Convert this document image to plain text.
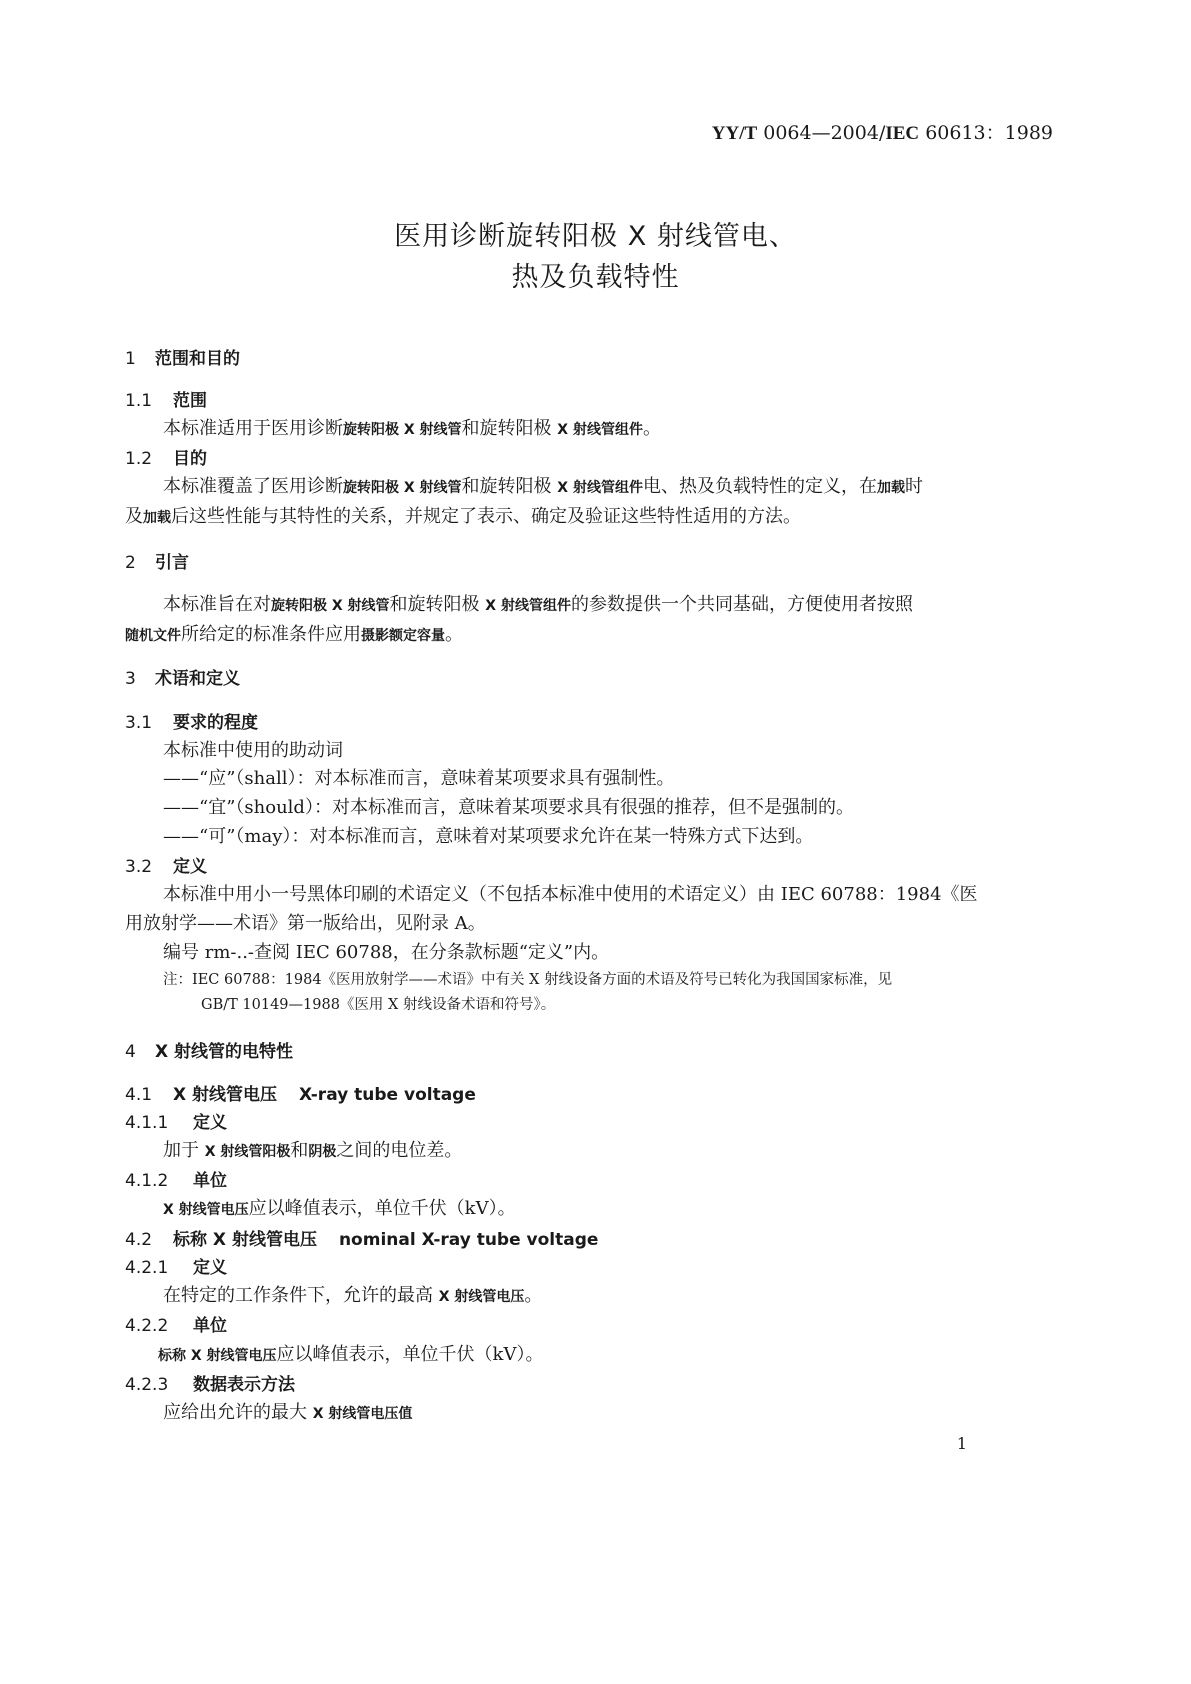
YY/T 0064—2004/IEC 60613：1989
医用诊断旋转阳极 X 射线管电、
热及负载特性
1 范围和目的
1.1 范围
本标准适用于医用诊断旋转阳极 X 射线管和旋转阳极 X 射线管组件。
1.2 目的
本标准覆盖了医用诊断旋转阳极 X 射线管和旋转阳极 X 射线管组件电、热及负载特性的定义，在加载时
及加载后这些性能与其特性的关系，并规定了表示、确定及验证这些特性适用的方法。
2 引言
本标准旨在对旋转阳极 X 射线管和旋转阳极 X 射线管组件的参数提供一个共同基础，方便使用者按照
随机文件所给定的标准条件应用摄影额定容量。
3 术语和定义
3.1 要求的程度
本标准中使用的助动词
——“应”（shall）：对本标准而言，意味着某项要求具有强制性。
——“宜”（should）：对本标准而言，意味着某项要求具有很强的推荐，但不是强制的。
——“可”（may）：对本标准而言，意味着对某项要求允许在某一特殊方式下达到。
3.2 定义
本标准中用小一号黑体印刷的术语定义（不包括本标准中使用的术语定义）由 IEC 60788：1984《医
用放射学——术语》第一版给出，见附录 A。
编号 rm-..-查阅 IEC 60788，在分条款标题“定义”内。
注：IEC 60788：1984《医用放射学——术语》中有关 X 射线设备方面的术语及符号已转化为我国国家标准，见
GB/T 10149—1988《医用 X 射线设备术语和符号》。
4 X 射线管的电特性
4.1 X 射线管电压 X-ray tube voltage
4.1.1 定义
加于 X 射线管阳极和阴极之间的电位差。
4.1.2 单位
X 射线管电压应以峰值表示，单位千伏（kV）。
4.2 标称 X 射线管电压 nominal X-ray tube voltage
4.2.1 定义
在特定的工作条件下，允许的最高 X 射线管电压。
4.2.2 单位
标称 X 射线管电压应以峰值表示，单位千伏（kV）。
4.2.3 数据表示方法
应给出允许的最大 X 射线管电压值
1
